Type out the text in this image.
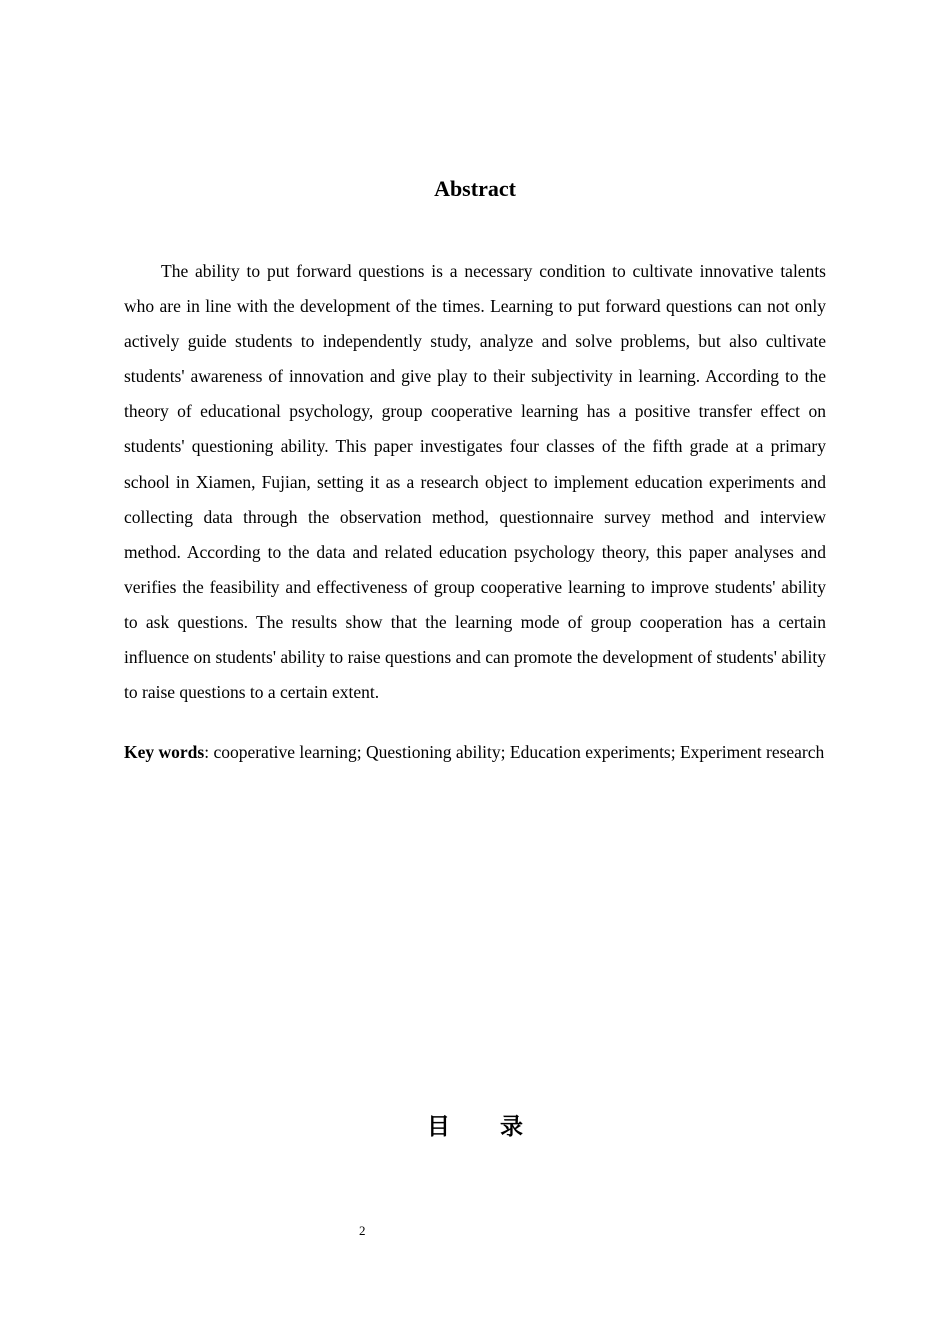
Abstract

The ability to put forward questions is a necessary condition to cultivate innovative talents who are in line with the development of the times. Learning to put forward questions can not only actively guide students to independently study, analyze and solve problems, but also cultivate students' awareness of innovation and give play to their subjectivity in learning. According to the theory of educational psychology, group cooperative learning has a positive transfer effect on students' questioning ability. This paper investigates four classes of the fifth grade at a primary school in Xiamen, Fujian, setting it as a research object to implement education experiments and collecting data through the observation method, questionnaire survey method and interview method. According to the data and related education psychology theory, this paper analyses and verifies the feasibility and effectiveness of group cooperative learning to improve students' ability to ask questions. The results show that the learning mode of group cooperation has a certain influence on students' ability to raise questions and can promote the development of students' ability to raise questions to a certain extent.

Key words: cooperative learning; Questioning ability; Education experiments; Experiment research

目 录
2
